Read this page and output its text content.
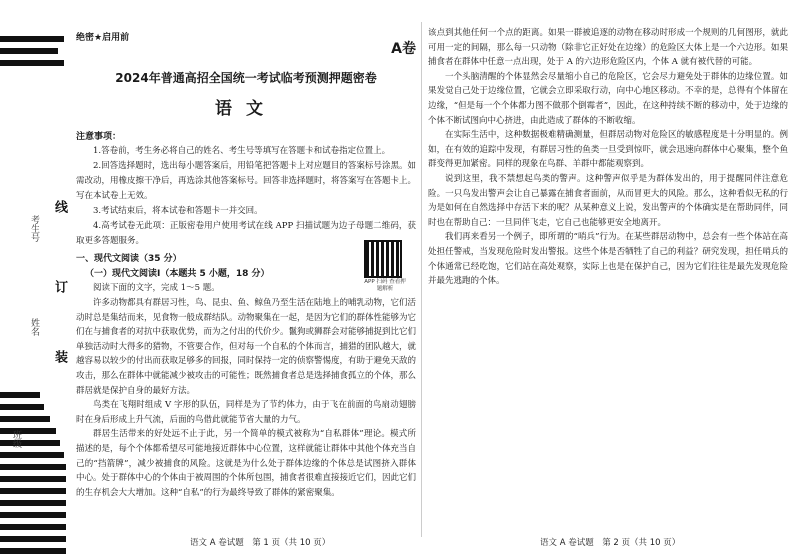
考生号
姓名
班级
线
订
装
绝密★启用前
A卷
2024年普通高招全国统一考试临考预测押题密卷
语文
注意事项：

1.答卷前，考生务必将自己的姓名、考生号等填写在答题卡和试卷指定位置上。

2.回答选择题时，选出每小题答案后，用铅笔把答题卡上对应题目的答案标号涂黑。如需改动，用橡皮擦干净后，再选涂其他答案标号。回答非选择题时，将答案写在答题卡上。写在本试卷上无效。

3.考试结束后，将本试卷和答题卡一并交回。

4.高考试卷无此项：正版密卷用户使用考试在线 APP 扫描试题为边子母题二维码，获取更多答题服务。

一、现代文阅读（35 分）
（一）现代文阅读Ⅰ（本题共 5 小题，18 分）

阅读下面的文字，完成 1～5 题。

APP 扫码 查看押题解析

许多动物都具有群居习性，鸟、昆虫、鱼、鲸鱼乃至生活在陆地上的哺乳动物，它们活动时总是集结而来，见食物一般成群结队。动物聚集在一起，是因为它们的群体性能够为它们在与捕食者的对抗中获取优势，而为之付出的代价少。鬣狗或狮群会对能够捕捉到比它们单独活动时大得多的猎物，不管要合作，但对每一个自私的个体而言，捕猎的团队越大，就越容易以较少的付出而获取足够多的回报，同时保持一定的侦察警惕度，有助于避免天敌的攻击，那么在群体中就能减少被攻击的可能性；既然捕食者总是选择捕食孤立的个体，那么群居就是保护自身的最好方法。

鸟类在飞翔时组成 V 字形的队伍，同样是为了节约体力，由于飞在前面的鸟扇动翅膀时在身后形成上升气流，后面的鸟借此就能节省大量的力气。

群居生活带来的好处远不止于此，另一个简单的模式被称为“自私群体”理论。模式所描述的是，每个个体都希望尽可能地接近群体中心位置，这样就能让群体中其他个体充当自己的“挡箭牌”，减少被捕食的风险。这就是为什么处于群体边缘的个体总是试图挤入群体中心。处于群体中心的个体由于被周围的个体所包围，捕食者很难直接接近它们，因此它们的生存机会大大增加。这种“自私”的行为最终导致了群体的紧密聚集。

该点到其他任何一个点的距离。如果一群被追逐的动物在移动时形成一个规则的几何图形，就此可用一定的间隔，那么每一只动物（除非它正好处在边缘）的危险区大体上是一个六边形。如果捕食者在群体中任意一点出现，处于 A 的六边形危险区内，个体 A 就有被代替的可能。

一个头脑清醒的个体显然会尽量缩小自己的危险区，它会尽力避免处于群体的边缘位置。如果发觉自己处于边缘位置，它就会立即采取行动，向中心地区移动。不幸的是，总得有个体留在边缘，“但是每一个个体都力图不做那个倒霉者”，因此，在这种持续不断的移动中，处于边缘的个体不断试图向中心挤进，由此造成了群体的不断收缩。

在实际生活中，这种数据极难精确测量，但群居动物对危险区的敏感程度是十分明显的。例如，在有效的追踪中发现，有群居习性的鱼类一旦受到惊吓，就会迅速向群体中心聚集，整个鱼群变得更加紧密。同样的现象在鸟群、羊群中都能观察到。

说到这里，我不禁想起鸟类的警声。这种警声似乎是为群体发出的，用于提醒同伴注意危险。一只鸟发出警声会让自己暴露在捕食者面前，从而冒更大的风险。那么，这种看似无私的行为是如何在自然选择中存活下来的呢？从某种意义上说，发出警声的个体确实是在帮助同伴，同时也在帮助自己：一旦同伴飞走，它自己也能够更安全地离开。

我们再来看另一个例子，即所谓的“哨兵”行为。在某些群居动物中，总会有一些个体站在高处担任警戒，当发现危险时发出警报。这些个体是否牺牲了自己的利益？研究发现，担任哨兵的个体通常已经吃饱，它们站在高处观察，实际上也是在保护自己，因为它们往往是最先发现危险并最先逃跑的个体。

语文 A 卷试题　第 1 页（共 10 页）	语文 A 卷试题　第 2 页（共 10 页）
